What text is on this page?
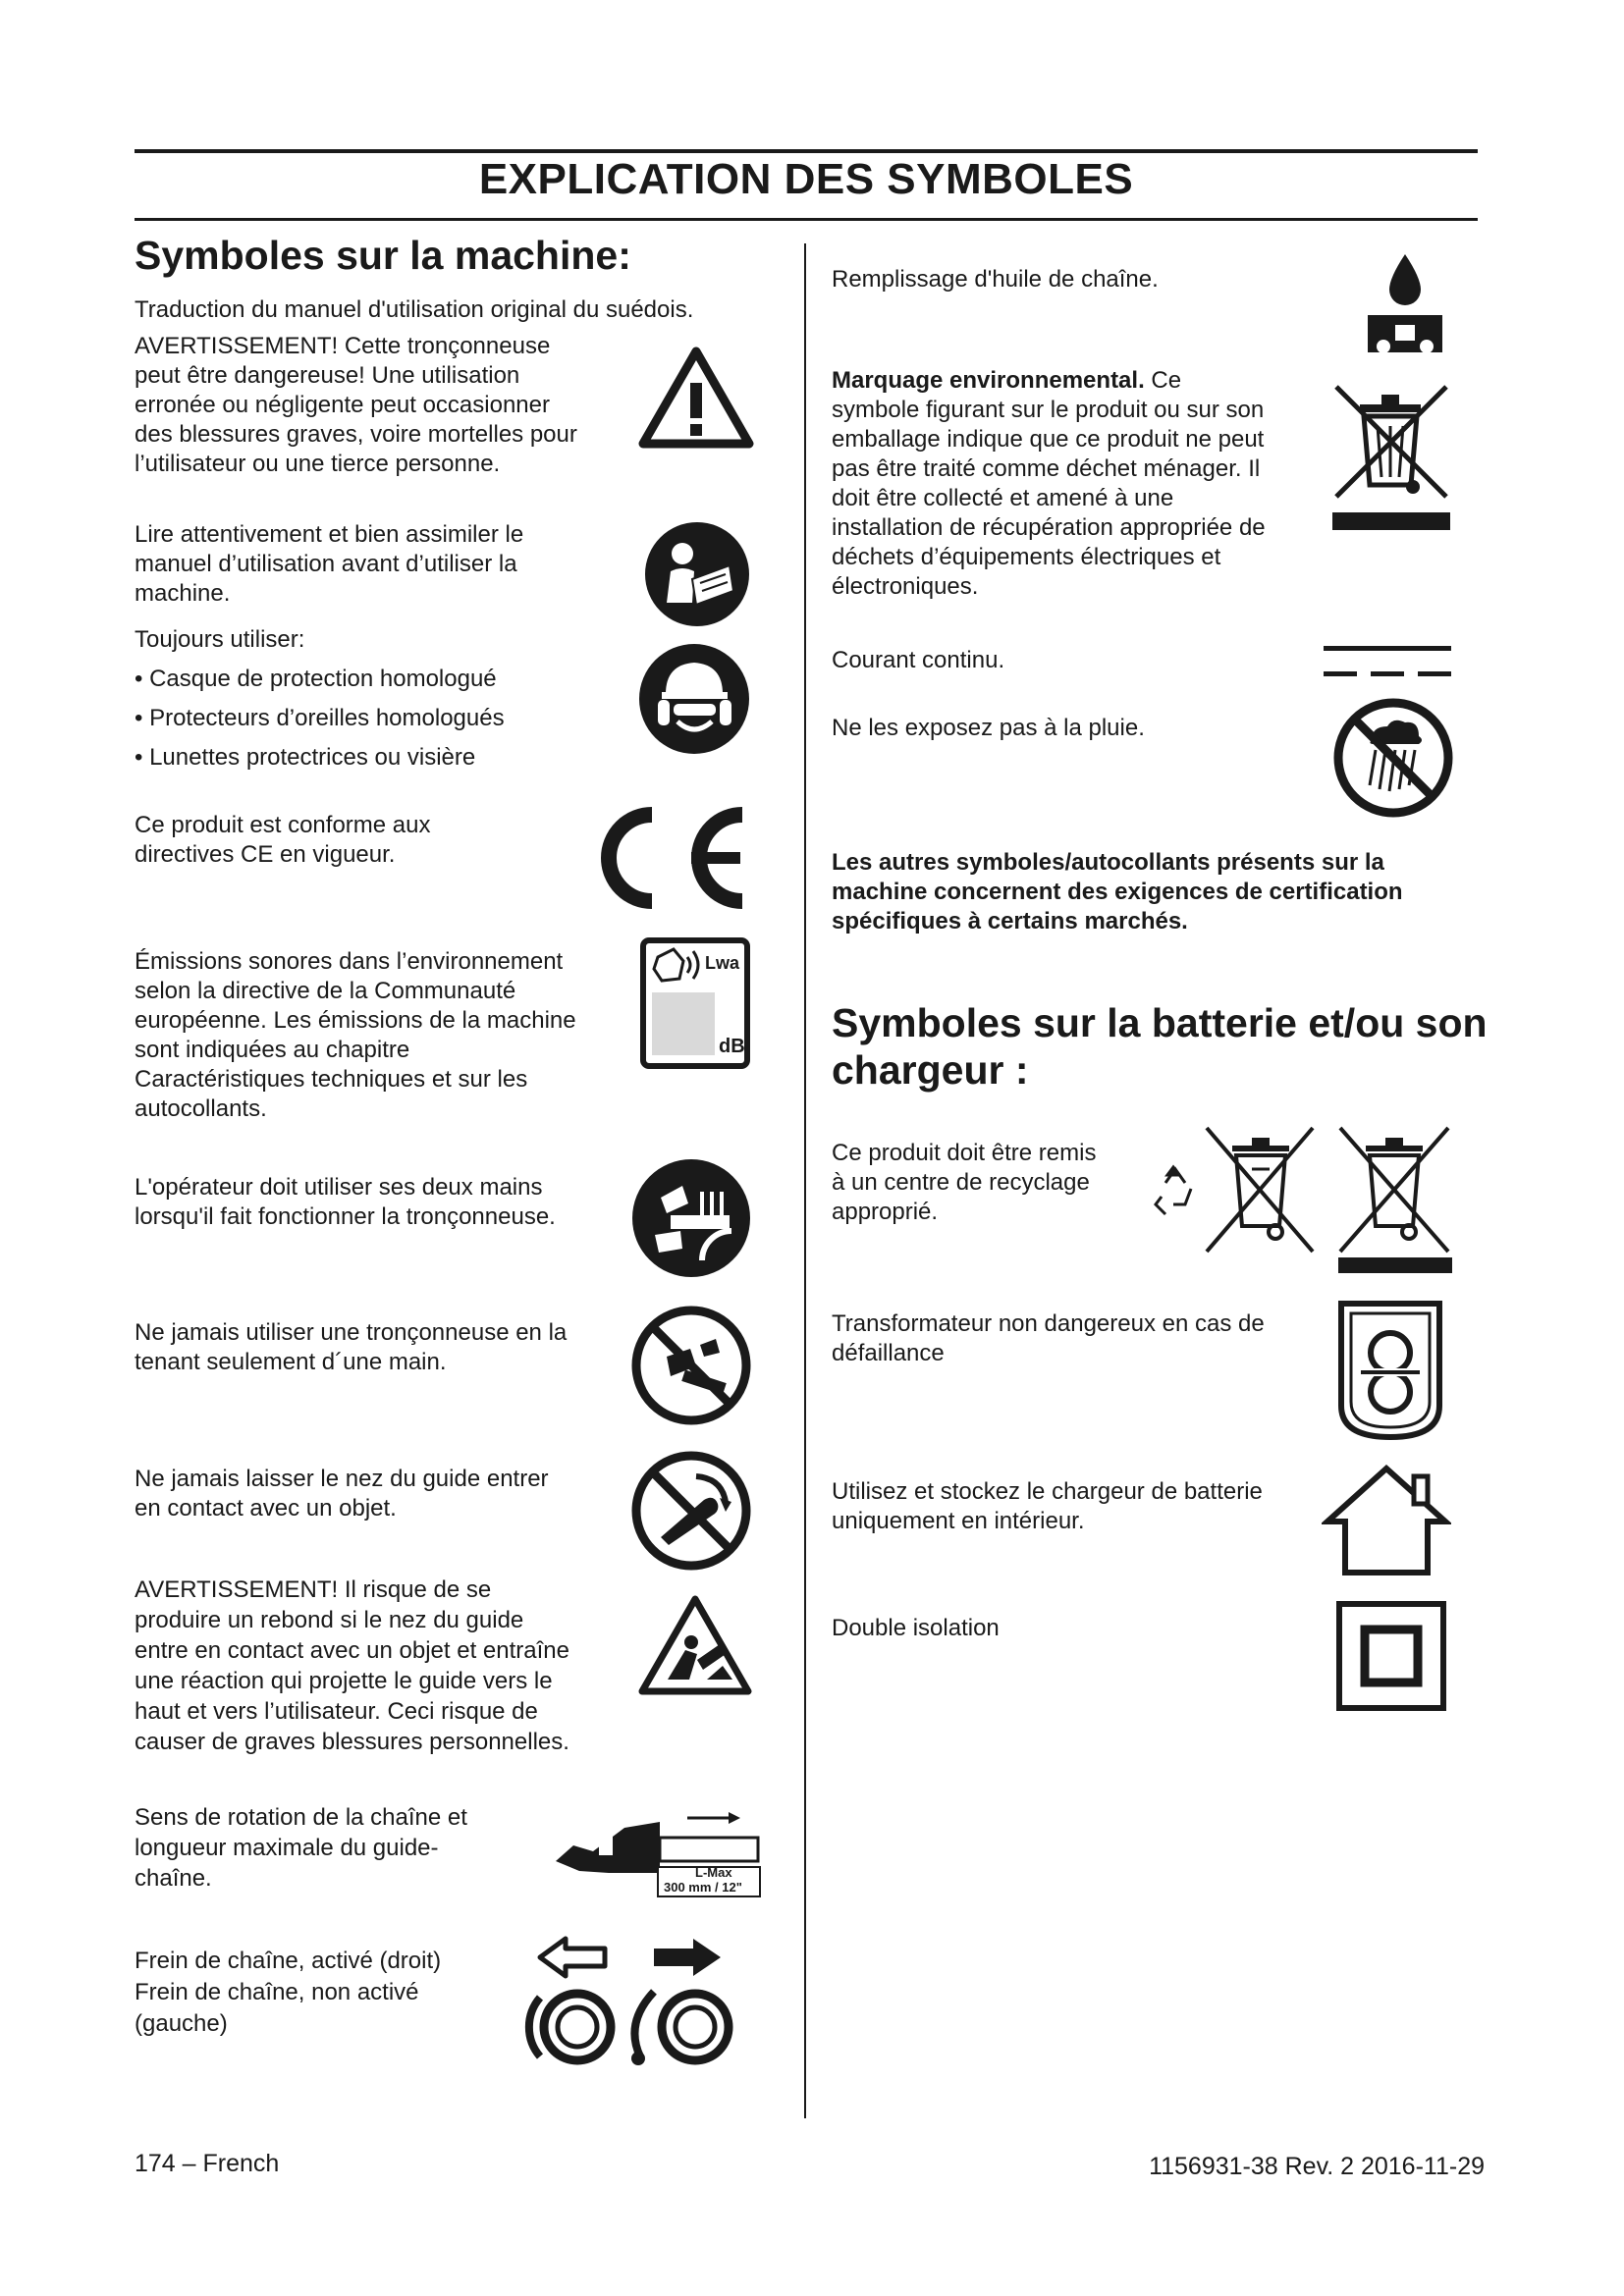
EXPLICATION DES SYMBOLES
Symboles sur la machine:
Traduction du manuel d'utilisation original du suédois.
AVERTISSEMENT! Cette tronçonneuse
peut être dangereuse! Une utilisation
erronée ou négligente peut occasionner
des blessures graves, voire mortelles pour
l’utilisateur ou une tierce personne.
Lire attentivement et bien assimiler le
manuel d’utilisation avant d’utiliser la
machine.
Toujours utiliser:
• Casque de protection homologué
• Protecteurs d’oreilles homologués
• Lunettes protectrices ou visière
Ce produit est conforme aux
directives CE en vigueur.
Émissions sonores dans l’environnement
selon la directive de la Communauté
européenne. Les émissions de la machine
sont indiquées au chapitre
Caractéristiques techniques et sur les
autocollants.
Lwa
dB
L'opérateur doit utiliser ses deux mains
lorsqu'il fait fonctionner la tronçonneuse.
Ne jamais utiliser une tronçonneuse en la
tenant seulement d´une main.
Ne jamais laisser le nez du guide entrer
en contact avec un objet.
AVERTISSEMENT! Il risque de se
produire un rebond si le nez du guide
entre en contact avec un objet et entraîne
une réaction qui projette le guide vers le
haut et vers l’utilisateur. Ceci risque de
causer de graves blessures personnelles.
Sens de rotation de la chaîne et
longueur maximale du guide-
chaîne.	L-Max
300 mm / 12"
Frein de chaîne, activé (droit)
Frein de chaîne, non activé
(gauche)
Remplissage d'huile de chaîne.
Marquage environnemental. Ce
symbole figurant sur le produit ou sur son
emballage indique que ce produit ne peut
pas être traité comme déchet ménager. Il
doit être collecté et amené à une
installation de récupération appropriée de
déchets d’équipements électriques et
électroniques.
Courant continu.
Ne les exposez pas à la pluie.
Les autres symboles/autocollants présents sur la
machine concernent des exigences de certification
spécifiques à certains marchés.
Symboles sur la batterie et/ou son chargeur :
Ce produit doit être remis
à un centre de recyclage
approprié.
Transformateur non dangereux en cas de
défaillance
Utilisez et stockez le chargeur de batterie
uniquement en intérieur.
Double isolation
174 – French	1156931-38 Rev. 2 2016-11-29
